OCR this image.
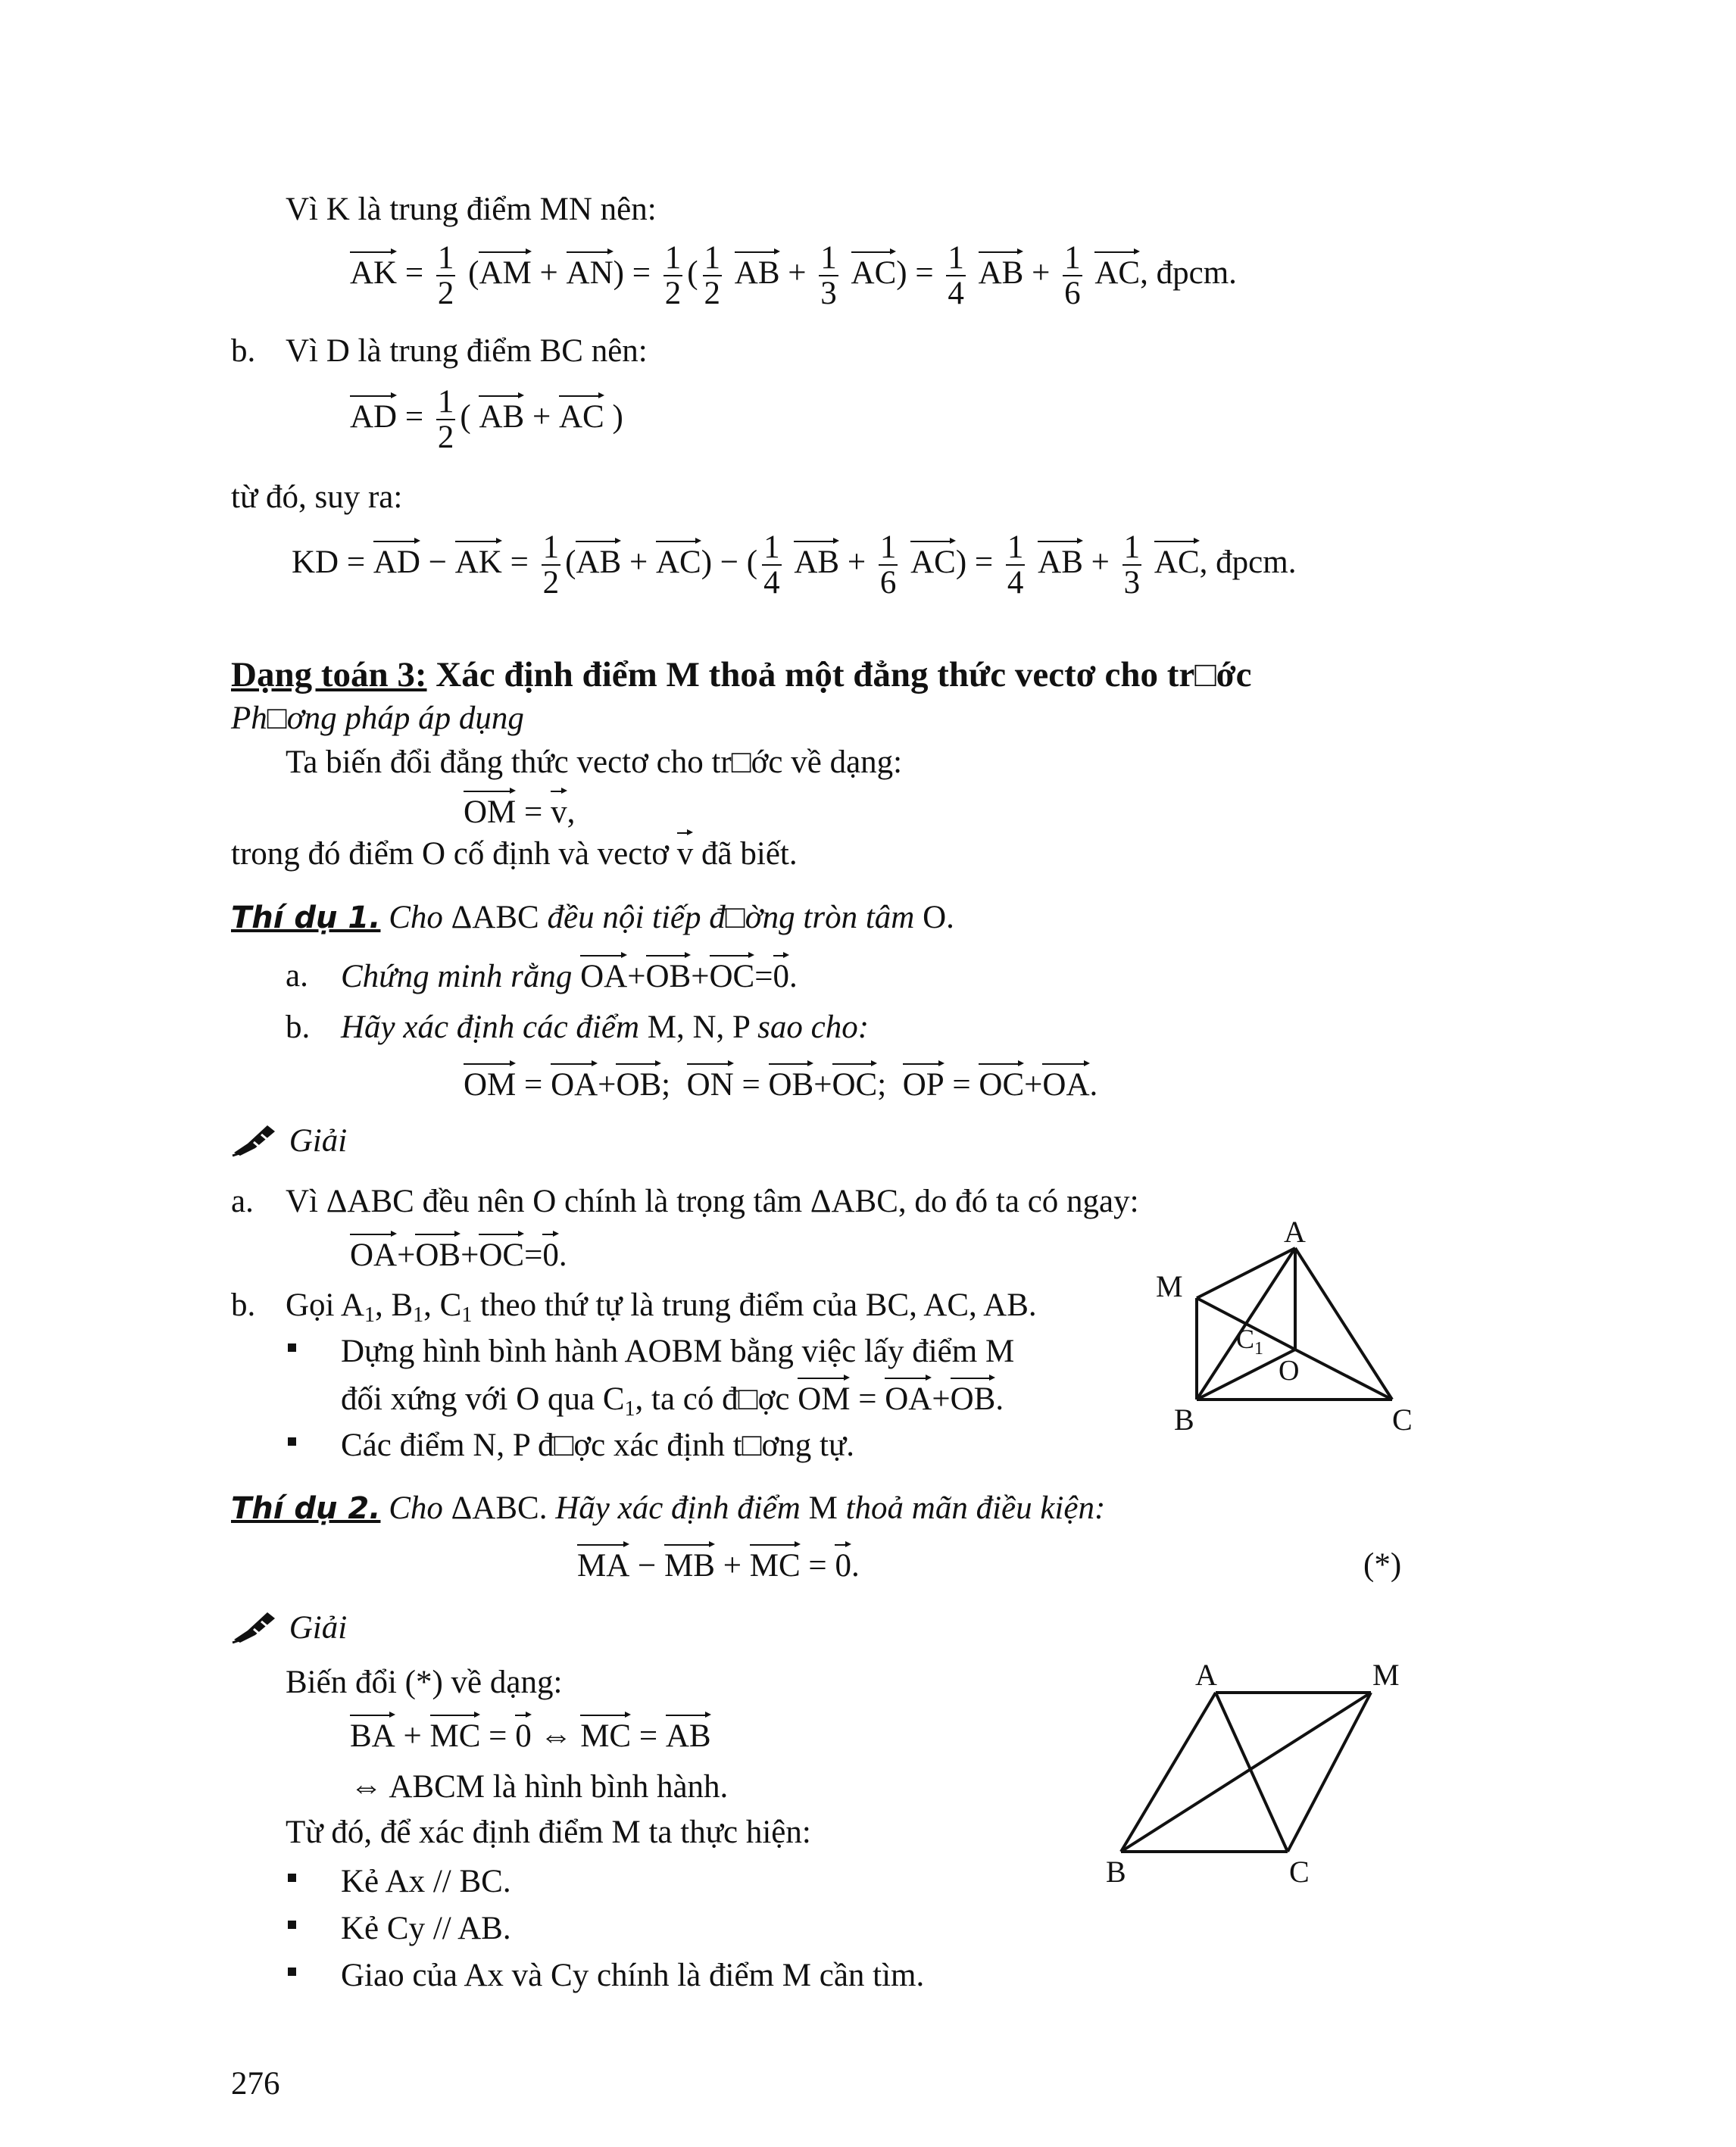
Vì K là trung điểm MN nên:
AK = $\frac{1}{2} (AM + AN) = \frac{1}{2}$ ( $\frac{1}{2}$ AB + $\frac{1}{3} AC) = \frac{1}{4}$ AB + $\frac{1}{6}$ AC, đpcm.
b. Vì D là trung điểm BC nên:
AD = $\frac{1}{2}$ ( AB + AC )
từ đó, suy ra:
KD = AD − AK = $\frac{1}{2} (AB + AC)$ − ( $\frac{1}{4}$ AB + $\frac{1}{6} AC) = \frac{1}{4}$ AB + $\frac{1}{3}$ AC, đpcm.
Dạng toán 3: Xác định điểm M thoả một đẳng thức vectơ cho tr□ớc
Ph□ơng pháp áp dụng
Ta biến đổi đẳng thức vectơ cho tr□ớc về dạng:
OM = v,
trong đó điểm O cố định và vectơ v đã biết.
Thí dụ 1. Cho ΔABC đều nội tiếp đ□ờng tròn tâm O.
a. Chứng minh rằng OA+OB+OC=0.
b. Hãy xác định các điểm M, N, P sao cho:
OM = OA+OB; ON = OB+OC; OP = OC+OA.
Giải
a. Vì ΔABC đều nên O chính là trọng tâm ΔABC, do đó ta có ngay:
OA+OB+OC=0.
b. Gọi $A_1$, $B_1$, $C_1$ theo thứ tự là trung điểm của BC, AC, AB.
Dựng hình bình hành AOBM bằng việc lấy điểm M
đối xứng với O qua $C_1$, ta có đ□ợc OM = OA+OB.
Các điểm N, P đ□ợc xác định t□ơng tự.
A
M
$C_1$
O
B	C
Thí dụ 2. Cho ΔABC. Hãy xác định điểm M thoả mãn điều kiện:
MA − MB + MC = 0.	(*)
Giải
Biến đổi (*) về dạng:
BA + MC = 0 ⇔ MC = AB
⇔ ABCM là hình bình hành.
Từ đó, để xác định điểm M ta thực hiện:
Kẻ Ax // BC.
Kẻ Cy // AB.
Giao của Ax và Cy chính là điểm M cần tìm.
A	M
B	C
276
